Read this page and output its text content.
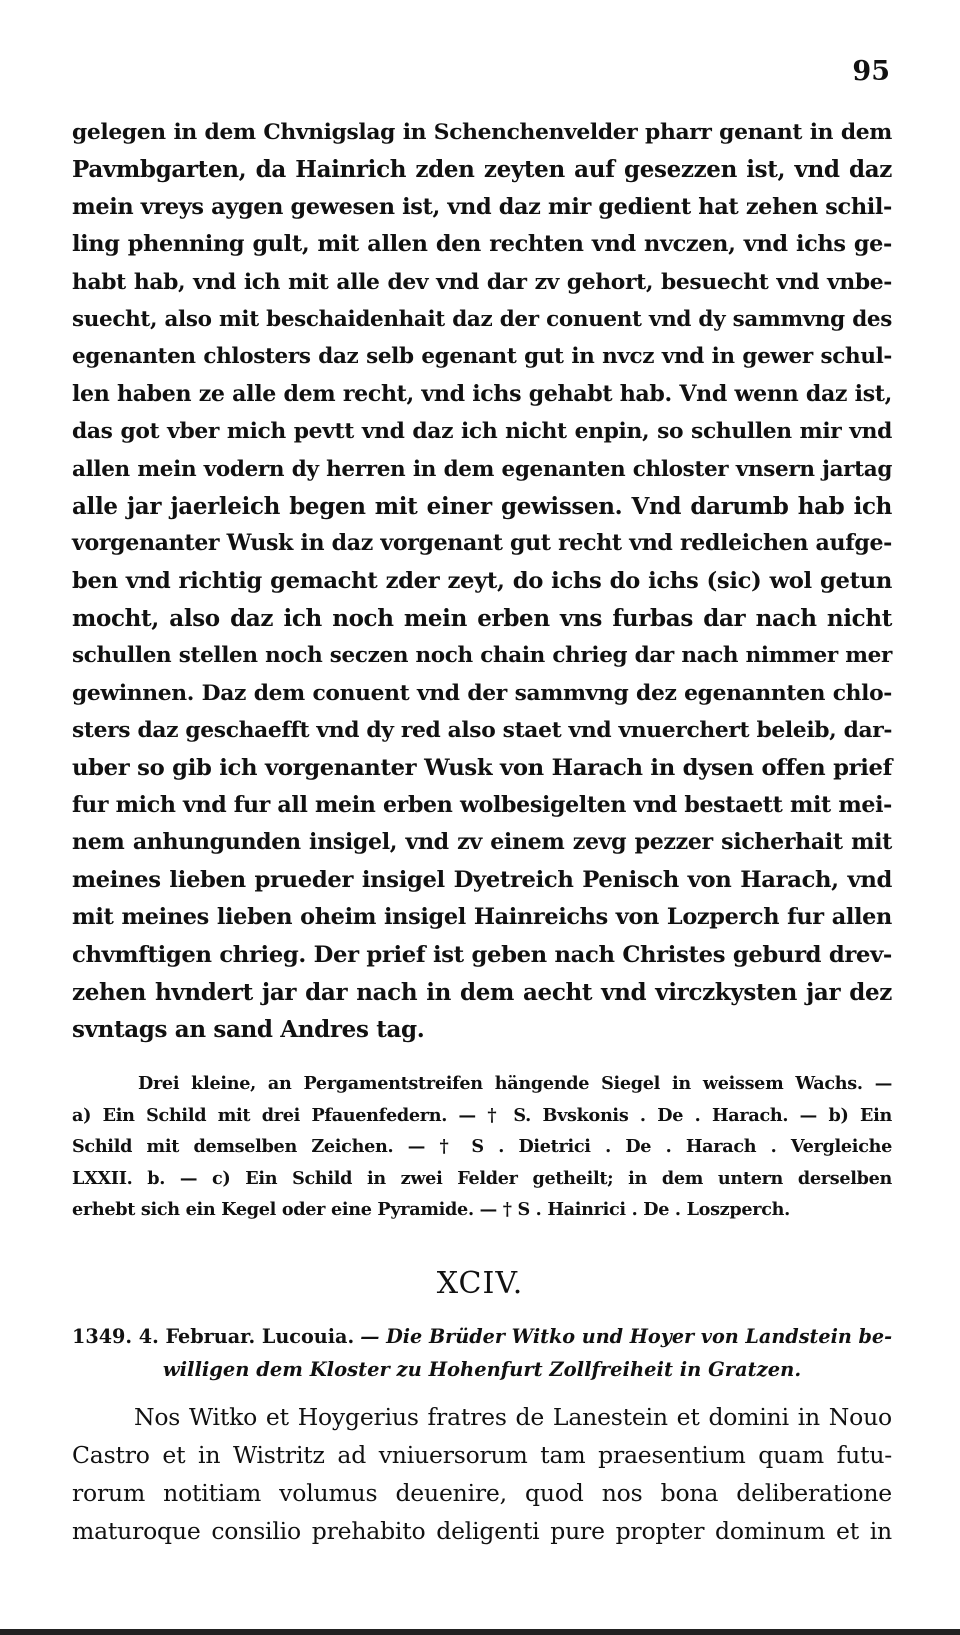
95
gelegen in dem Chvnigslag in Schenchenvelder pharr genant in dem
Pavmbgarten, da Hainrich zden zeyten auf gesezzen ist, vnd daz
mein vreys aygen gewesen ist, vnd daz mir gedient hat zehen schil-
ling phenning gult, mit allen den rechten vnd nvczen, vnd ichs ge-
habt hab, vnd ich mit alle dev vnd dar zv gehort, besuecht vnd vnbe-
suecht, also mit beschaidenhait daz der conuent vnd dy sammvng des
egenanten chlosters daz selb egenant gut in nvcz vnd in gewer schul-
len haben ze alle dem recht, vnd ichs gehabt hab. Vnd wenn daz ist,
das got vber mich pevtt vnd daz ich nicht enpin, so schullen mir vnd
allen mein vodern dy herren in dem egenanten chloster vnsern jartag
alle jar jaerleich begen mit einer gewissen. Vnd darumb hab ich
vorgenanter Wusk in daz vorgenant gut recht vnd redleichen aufge-
ben vnd richtig gemacht zder zeyt, do ichs do ichs (sic) wol getun
mocht, also daz ich noch mein erben vns furbas dar nach nicht
schullen stellen noch seczen noch chain chrieg dar nach nimmer mer
gewinnen. Daz dem conuent vnd der sammvng dez egenannten chlo-
sters daz geschaefft vnd dy red also staet vnd vnuerchert beleib, dar-
uber so gib ich vorgenanter Wusk von Harach in dysen offen prief
fur mich vnd fur all mein erben wolbesigelten vnd bestaett mit mei-
nem anhungunden insigel, vnd zv einem zevg pezzer sicherhait mit
meines lieben prueder insigel Dyetreich Penisch von Harach, vnd
mit meines lieben oheim insigel Hainreichs von Lozperch fur allen
chvmftigen chrieg. Der prief ist geben nach Christes geburd drev-
zehen hvndert jar dar nach in dem aecht vnd virczkysten jar dez
svntags an sand Andres tag.
Drei kleine, an Pergamentstreifen hängende Siegel in weissem Wachs. —
a) Ein Schild mit drei Pfauenfedern. — † S. Bvskonis . De . Harach. — b) Ein
Schild mit demselben Zeichen. — † S . Dietrici . De . Harach . Vergleiche
LXXII. b. — c) Ein Schild in zwei Felder getheilt; in dem untern derselben
erhebt sich ein Kegel oder eine Pyramide. — † S . Hainrici . De . Loszperch.
XCIV.
1349. 4. Februar. Lucouia. — Die Brüder Witko und Hoyer von Landstein be-
willigen dem Kloster zu Hohenfurt Zollfreiheit in Gratzen.
Nos Witko et Hoygerius fratres de Lanestein et domini in Nouo
Castro et in Wistritz ad vniuersorum tam praesentium quam futu-
rorum notitiam volumus deuenire, quod nos bona deliberatione
maturoque consilio prehabito deligenti pure propter dominum et in
